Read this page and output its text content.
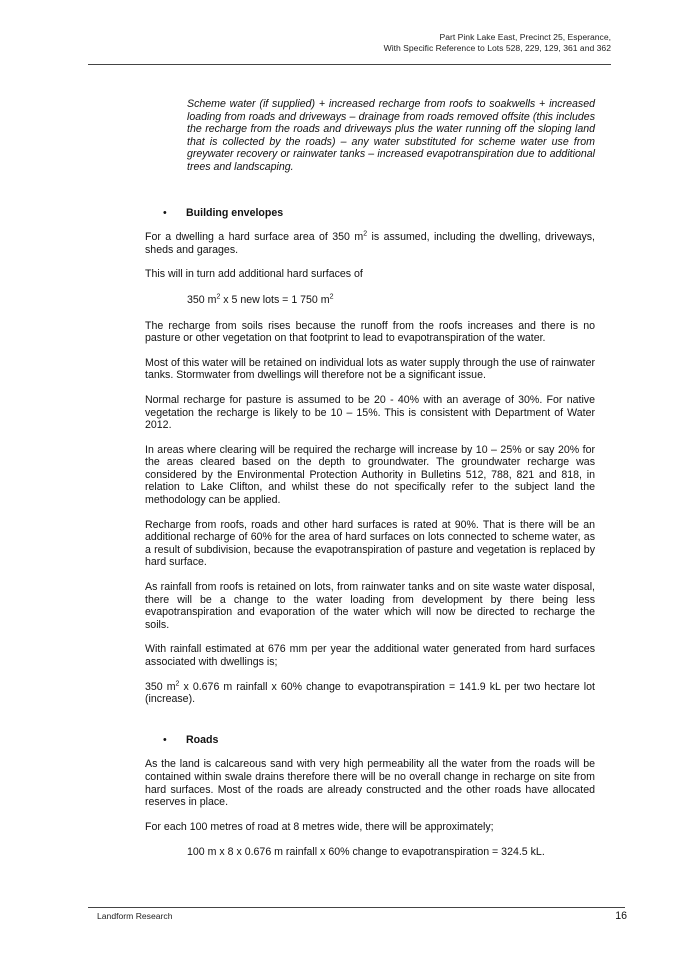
Part Pink Lake East, Precinct 25, Esperance,
With Specific Reference to Lots 528, 229, 129, 361 and 362

Scheme water (if supplied) + increased recharge from roofs to soakwells + increased loading from roads and driveways – drainage from roads removed offsite (this includes the recharge from the roads and driveways plus the water running off the sloping land that is collected by the roads) – any water substituted for scheme water use from greywater recovery or rainwater tanks – increased evapotranspiration due to additional trees and landscaping.

• Building envelopes

For a dwelling a hard surface area of 350 $m^2$ is assumed, including the dwelling, driveways, sheds and garages.

This will in turn add additional hard surfaces of

350 $m^2$ x 5 new lots = 1 750 $m^2$

The recharge from soils rises because the runoff from the roofs increases and there is no pasture or other vegetation on that footprint to lead to evapotranspiration of the water.

Most of this water will be retained on individual lots as water supply through the use of rainwater tanks. Stormwater from dwellings will therefore not be a significant issue.

Normal recharge for pasture is assumed to be 20 - 40% with an average of 30%. For native vegetation the recharge is likely to be 10 – 15%. This is consistent with Department of Water 2012.

In areas where clearing will be required the recharge will increase by 10 – 25% or say 20% for the areas cleared based on the depth to groundwater. The groundwater recharge was considered by the Environmental Protection Authority in Bulletins 512, 788, 821 and 818, in relation to Lake Clifton, and whilst these do not specifically refer to the subject land the methodology can be applied.

Recharge from roofs, roads and other hard surfaces is rated at 90%. That is there will be an additional recharge of 60% for the area of hard surfaces on lots connected to scheme water, as a result of subdivision, because the evapotranspiration of pasture and vegetation is replaced by hard surface.

As rainfall from roofs is retained on lots, from rainwater tanks and on site waste water disposal, there will be a change to the water loading from development by there being less evapotranspiration and evaporation of the water which will now be directed to recharge the soils.

With rainfall estimated at 676 mm per year the additional water generated from hard surfaces associated with dwellings is;

350 $m^2$ x 0.676 m rainfall x 60% change to evapotranspiration = 141.9 kL per two hectare lot (increase).

• Roads

As the land is calcareous sand with very high permeability all the water from the roads will be contained within swale drains therefore there will be no overall change in recharge on site from hard surfaces. Most of the roads are already constructed and the other roads have allocated reserves in place.

For each 100 metres of road at 8 metres wide, there will be approximately;

100 m x 8 x 0.676 m rainfall x 60% change to evapotranspiration = 324.5 kL.

Landform Research	16
